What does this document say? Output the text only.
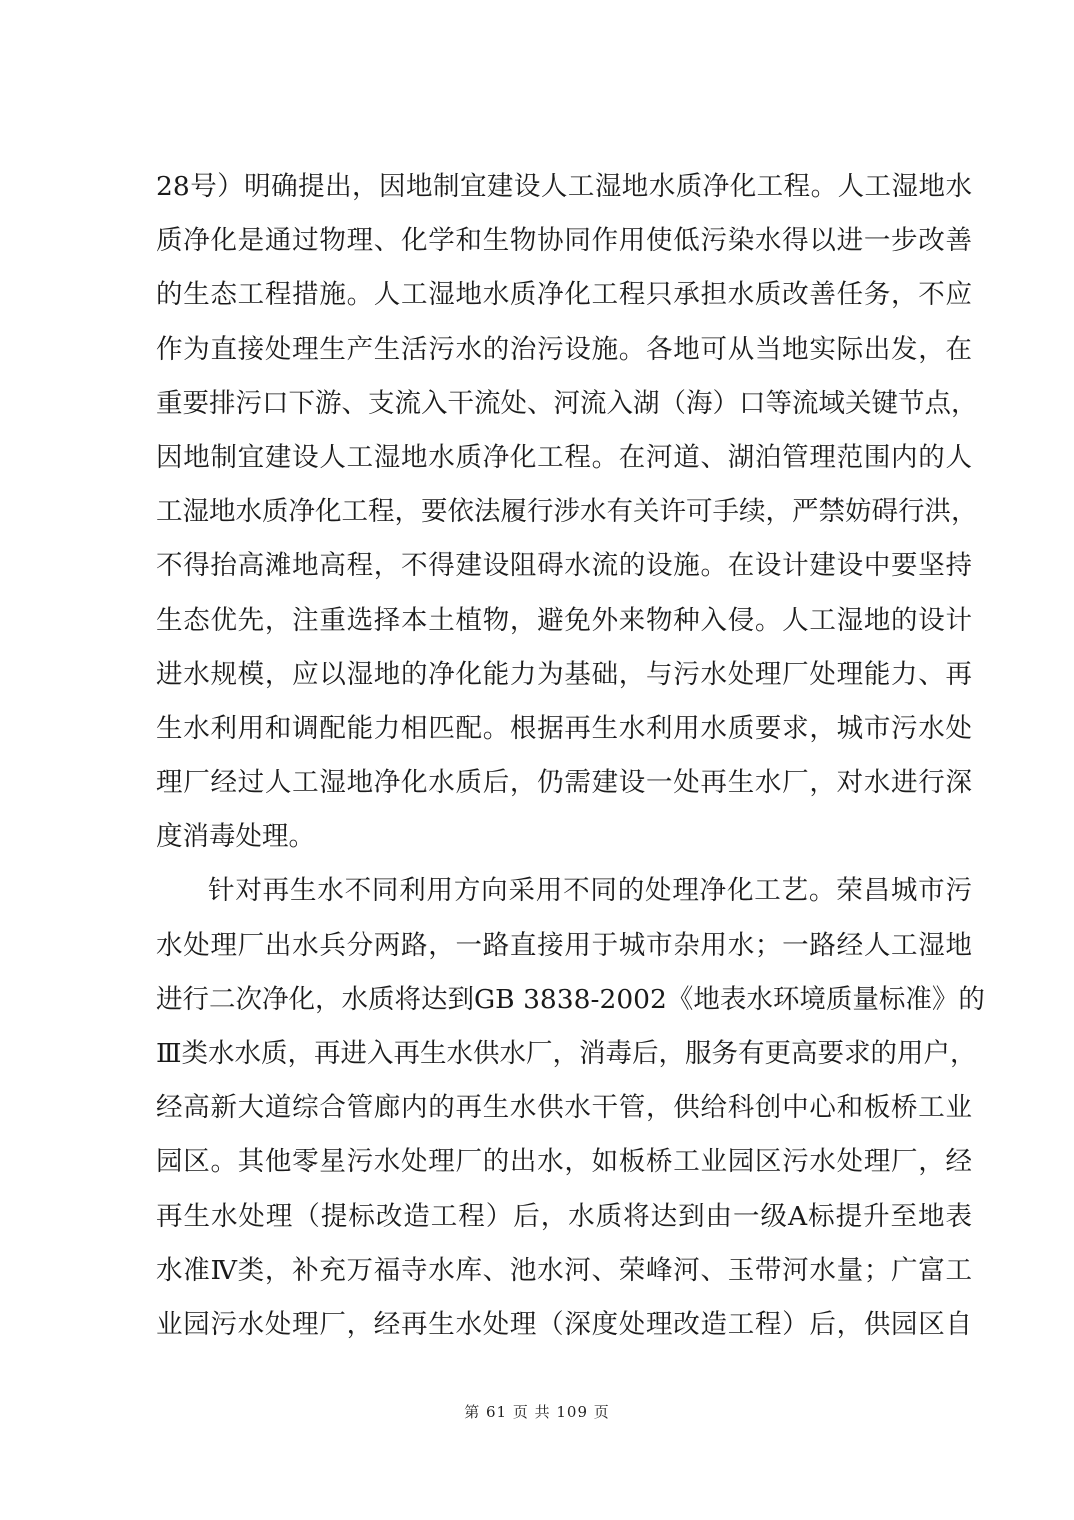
28号）明确提出，因地制宜建设人工湿地水质净化工程。人工湿地水
质净化是通过物理、化学和生物协同作用使低污染水得以进一步改善
的生态工程措施。人工湿地水质净化工程只承担水质改善任务，不应
作为直接处理生产生活污水的治污设施。各地可从当地实际出发，在
重要排污口下游、支流入干流处、河流入湖（海）口等流域关键节点，
因地制宜建设人工湿地水质净化工程。在河道、湖泊管理范围内的人
工湿地水质净化工程，要依法履行涉水有关许可手续，严禁妨碍行洪，
不得抬高滩地高程，不得建设阻碍水流的设施。在设计建设中要坚持
生态优先，注重选择本土植物，避免外来物种入侵。人工湿地的设计
进水规模，应以湿地的净化能力为基础，与污水处理厂处理能力、再
生水利用和调配能力相匹配。根据再生水利用水质要求，城市污水处
理厂经过人工湿地净化水质后，仍需建设一处再生水厂，对水进行深
度消毒处理。
针对再生水不同利用方向采用不同的处理净化工艺。荣昌城市污
水处理厂出水兵分两路，一路直接用于城市杂用水；一路经人工湿地
进行二次净化，水质将达到GB 3838-2002《地表水环境质量标准》的
Ⅲ类水水质，再进入再生水供水厂，消毒后，服务有更高要求的用户，
经高新大道综合管廊内的再生水供水干管，供给科创中心和板桥工业
园区。其他零星污水处理厂的出水，如板桥工业园区污水处理厂，经
再生水处理（提标改造工程）后，水质将达到由一级A标提升至地表
水准Ⅳ类，补充万福寺水库、池水河、荣峰河、玉带河水量；广富工
业园污水处理厂，经再生水处理（深度处理改造工程）后，供园区自
第 61 页 共 109 页
